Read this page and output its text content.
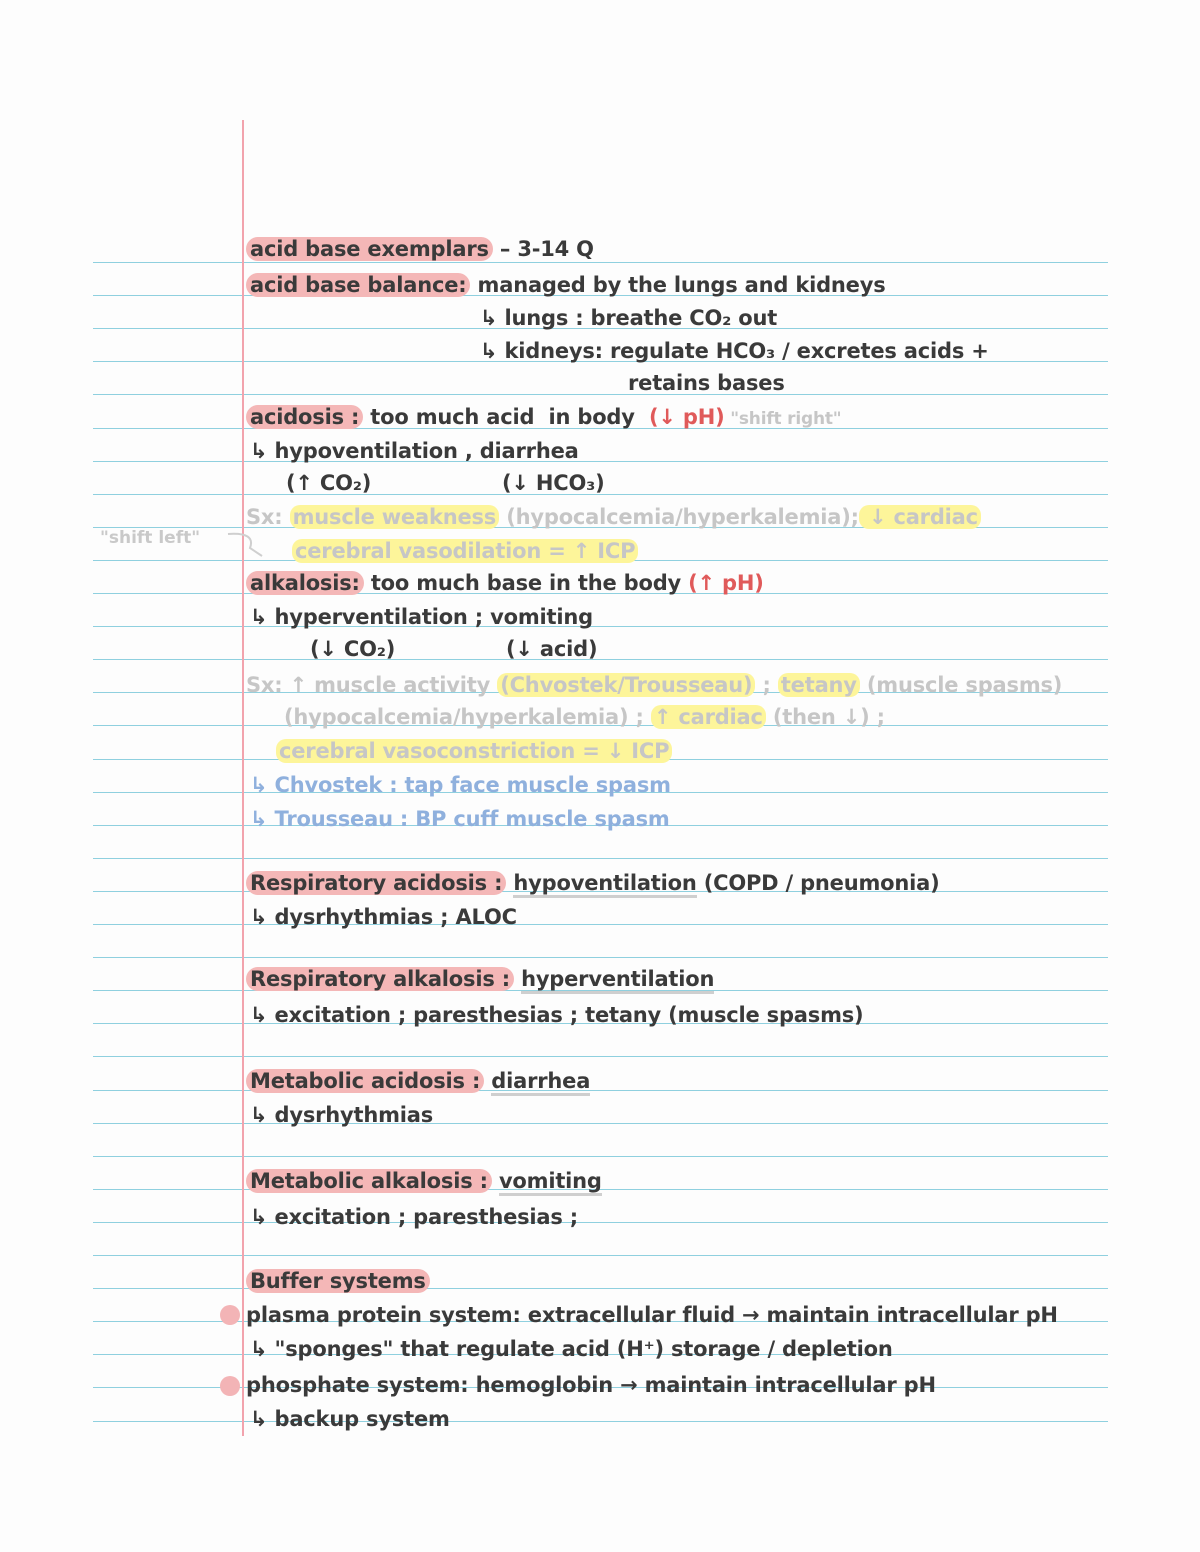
acid base exemplars – 3-14 Q
acid base balance: managed by the lungs and kidneys
↳ lungs : breathe CO₂ out
↳ kidneys: regulate HCO₃ / excretes acids +
retains bases
acidosis : too much acid  in body  (↓ pH) "shift right"
↳ hypoventilation , diarrhea
(↑ CO₂)	(↓ HCO₃)
Sx: muscle weakness (hypocalcemia/hyperkalemia); ↓ cardiac
cerebral vasodilation = ↑ ICP
"shift left"
alkalosis: too much base in the body (↑ pH)
↳ hyperventilation ; vomiting
(↓ CO₂)	(↓ acid)
Sx: ↑ muscle activity (Chvostek/Trousseau) ; tetany (muscle spasms)
(hypocalcemia/hyperkalemia) ; ↑ cardiac (then ↓) ;
cerebral vasoconstriction = ↓ ICP
↳ Chvostek : tap face muscle spasm
↳ Trousseau : BP cuff muscle spasm
Respiratory acidosis : hypoventilation (COPD / pneumonia)
↳ dysrhythmias ; ALOC
Respiratory alkalosis : hyperventilation
↳ excitation ; paresthesias ; tetany (muscle spasms)
Metabolic acidosis : diarrhea
↳ dysrhythmias
Metabolic alkalosis : vomiting
↳ excitation ; paresthesias ;
Buffer systems
plasma protein system: extracellular fluid → maintain intracellular pH
↳ "sponges" that regulate acid (H⁺) storage / depletion
phosphate system: hemoglobin → maintain intracellular pH
↳ backup system
